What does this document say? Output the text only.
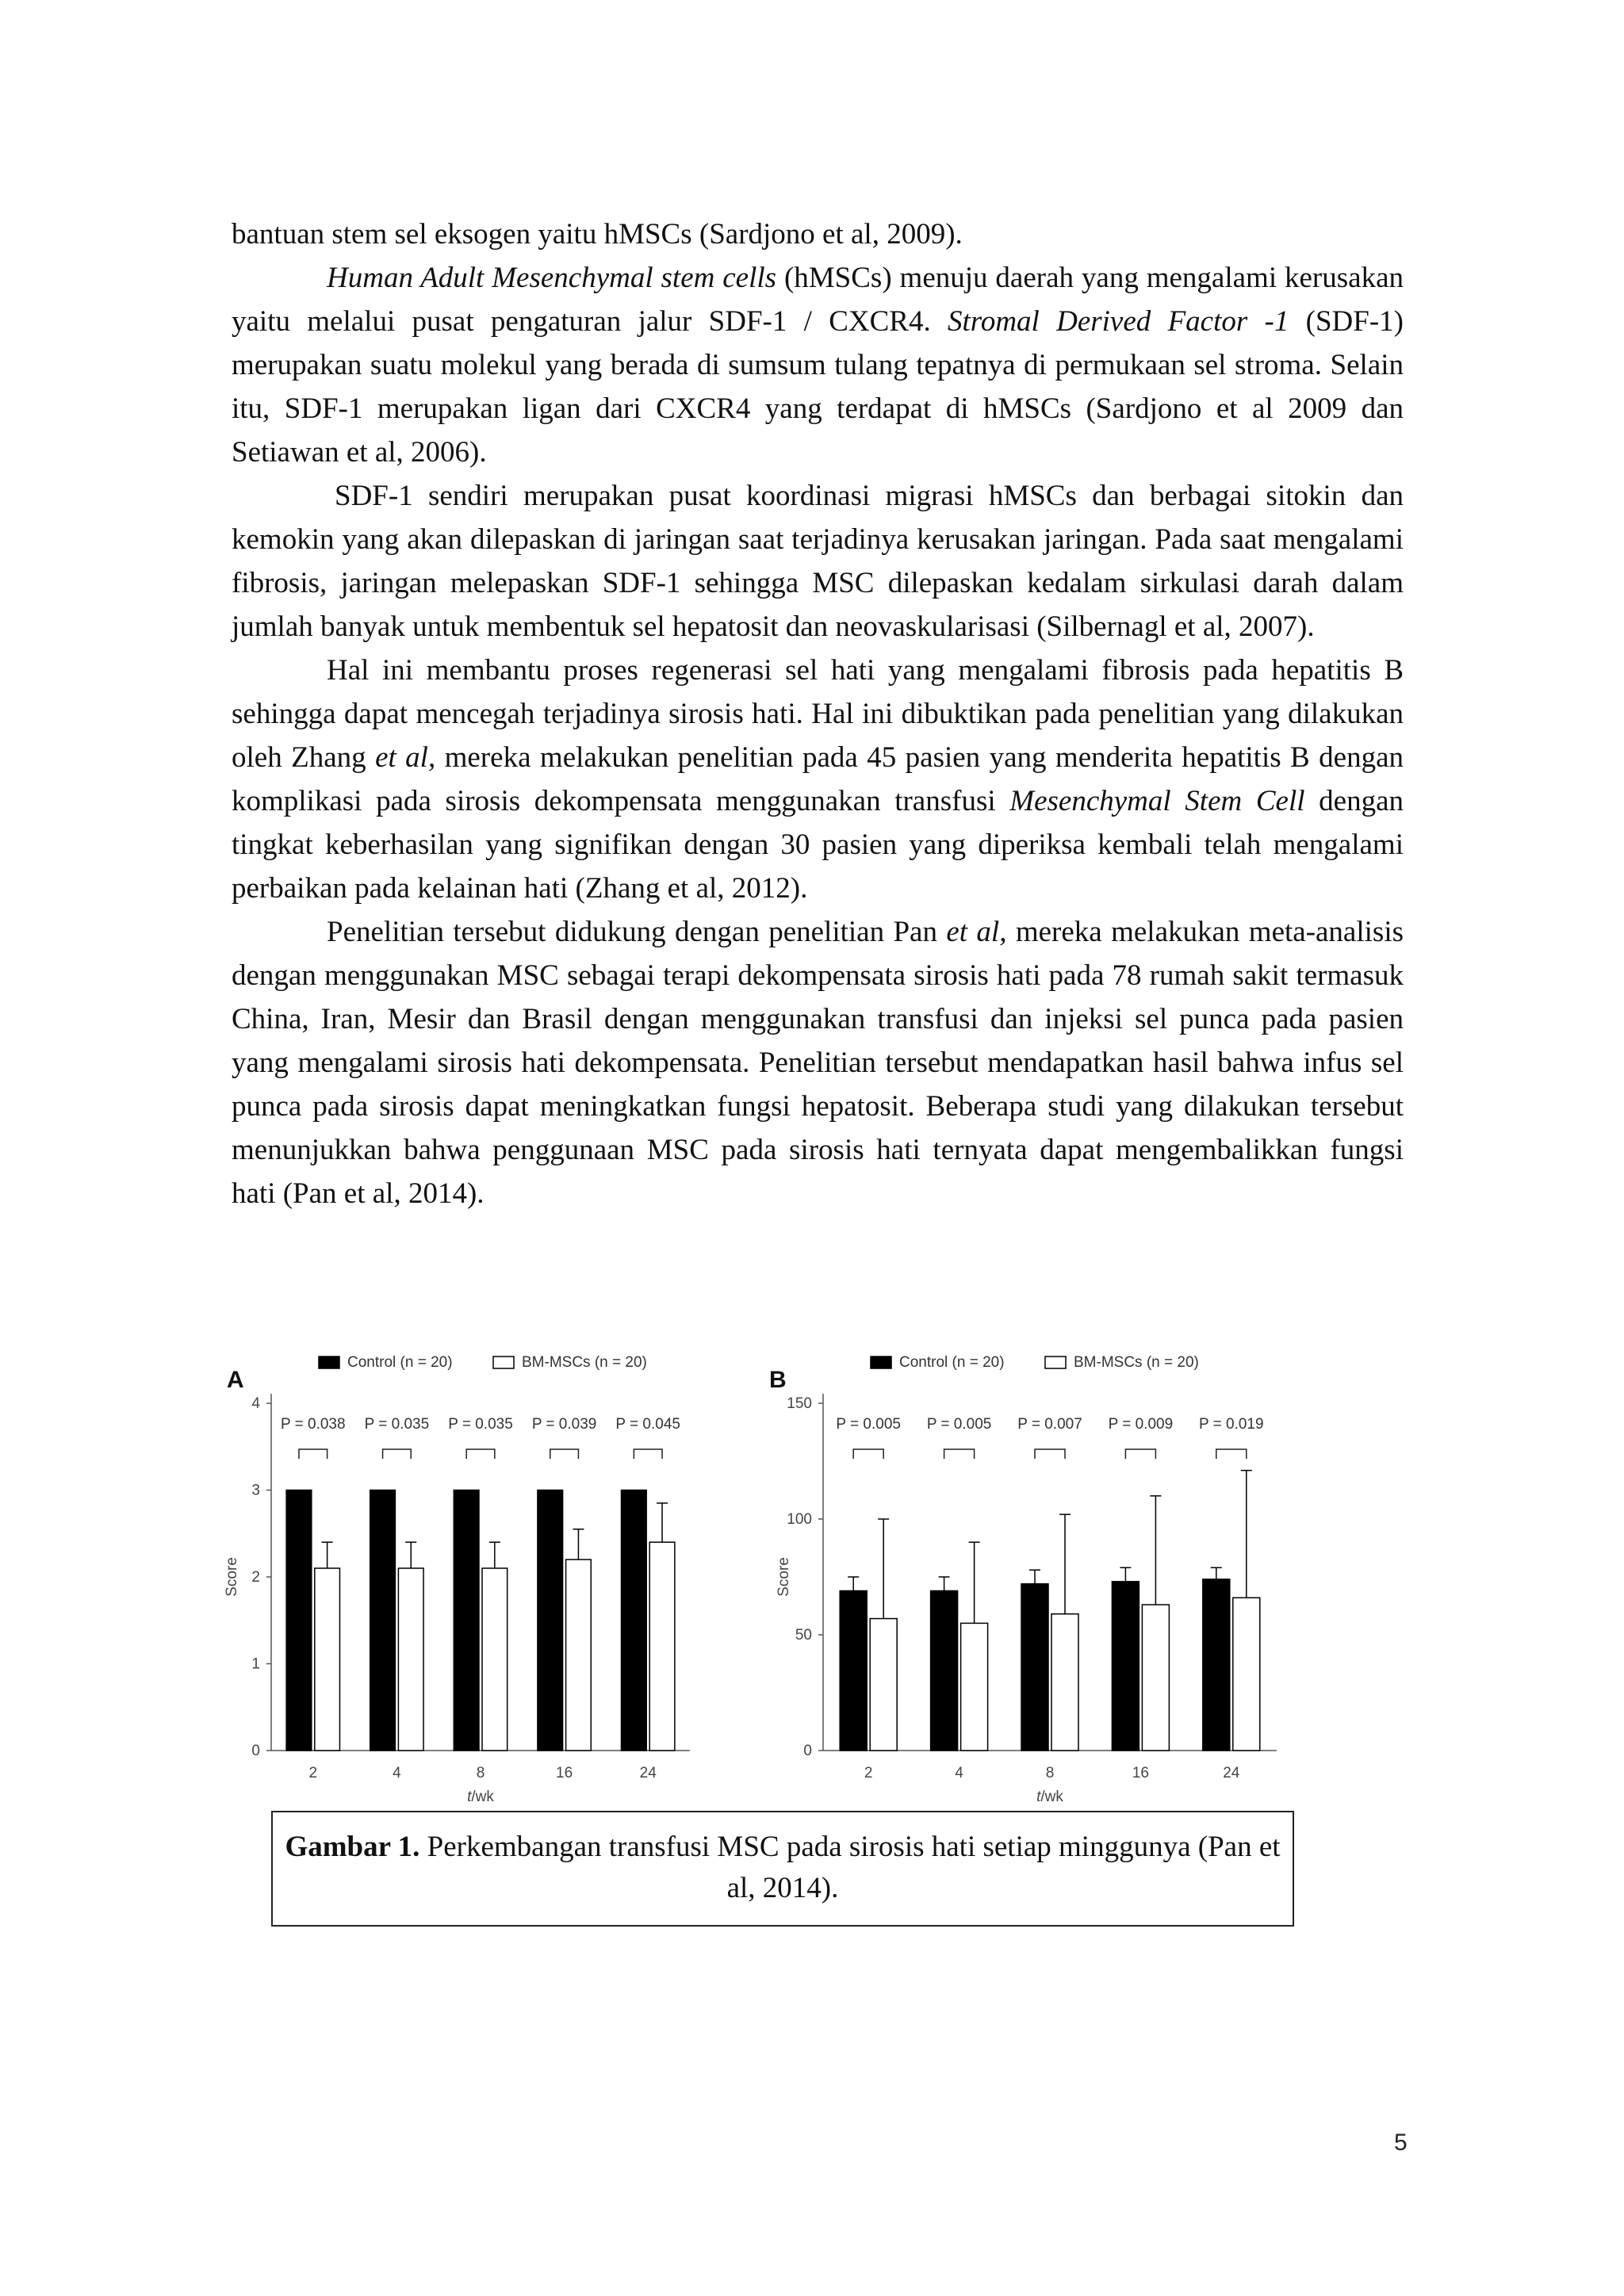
bantuan stem sel eksogen yaitu hMSCs (Sardjono et al, 2009).

Human Adult Mesenchymal stem cells (hMSCs) menuju daerah yang mengalami kerusakan yaitu melalui pusat pengaturan jalur SDF-1 / CXCR4. Stromal Derived Factor -1 (SDF-1) merupakan suatu molekul yang berada di sumsum tulang tepatnya di permukaan sel stroma. Selain itu, SDF-1 merupakan ligan dari CXCR4 yang terdapat di hMSCs (Sardjono et al 2009 dan Setiawan et al, 2006).

SDF-1 sendiri merupakan pusat koordinasi migrasi hMSCs dan berbagai sitokin dan kemokin yang akan dilepaskan di jaringan saat terjadinya kerusakan jaringan. Pada saat mengalami fibrosis, jaringan melepaskan SDF-1 sehingga MSC dilepaskan kedalam sirkulasi darah dalam jumlah banyak untuk membentuk sel hepatosit dan neovaskularisasi (Silbernagl et al, 2007).

Hal ini membantu proses regenerasi sel hati yang mengalami fibrosis pada hepatitis B sehingga dapat mencegah terjadinya sirosis hati. Hal ini dibuktikan pada penelitian yang dilakukan oleh Zhang et al, mereka melakukan penelitian pada 45 pasien yang menderita hepatitis B dengan komplikasi pada sirosis dekompensata menggunakan transfusi Mesenchymal Stem Cell dengan tingkat keberhasilan yang signifikan dengan 30 pasien yang diperiksa kembali telah mengalami perbaikan pada kelainan hati (Zhang et al, 2012).

Penelitian tersebut didukung dengan penelitian Pan et al, mereka melakukan meta-analisis dengan menggunakan MSC sebagai terapi dekompensata sirosis hati pada 78 rumah sakit termasuk China, Iran, Mesir dan Brasil dengan menggunakan transfusi dan injeksi sel punca pada pasien yang mengalami sirosis hati dekompensata. Penelitian tersebut mendapatkan hasil bahwa infus sel punca pada sirosis dapat meningkatkan fungsi hepatosit. Beberapa studi yang dilakukan tersebut menunjukkan bahwa penggunaan MSC pada sirosis hati ternyata dapat mengembalikkan fungsi hati (Pan et al, 2014).

A
Control (n = 20)	BM-MSCs (n = 20)
0
1
2
3
4
Score
2
P = 0.038
4
P = 0.035
8
P = 0.035
16
P = 0.039
24
P = 0.045
t/wk
B
Control (n = 20)	BM-MSCs (n = 20)
0
50
100
150
Score
2
P = 0.005
4
P = 0.005
8
P = 0.007
16
P = 0.009
24
P = 0.019
t/wk
Gambar 1. Perkembangan transfusi MSC pada sirosis hati setiap minggunya (Pan et al, 2014).
5
